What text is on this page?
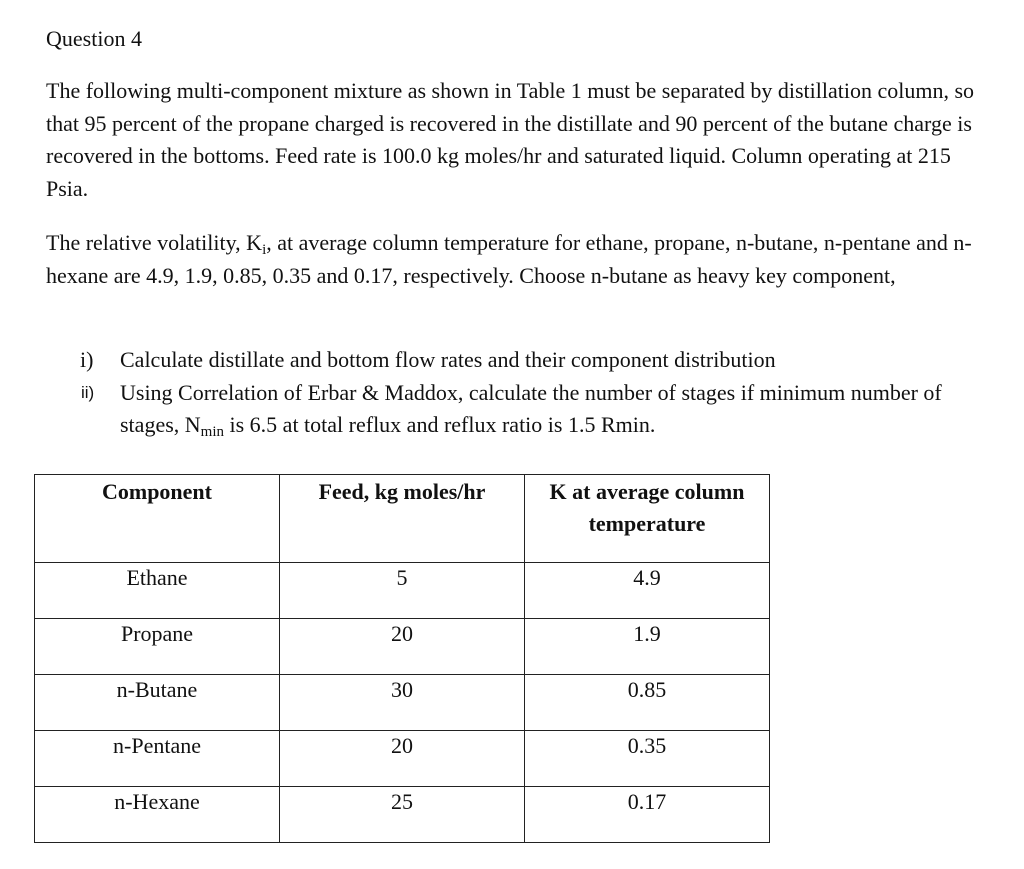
Question 4

The following multi-component mixture as shown in Table 1 must be separated by distillation column, so that 95 percent of the propane charged is recovered in the distillate and 90 percent of the butane charge is recovered in the bottoms. Feed rate is 100.0 kg moles/hr and saturated liquid. Column operating at 215 Psia.

The relative volatility, $K_i$, at average column temperature for ethane, propane, n-butane, n-pentane and n-hexane are 4.9, 1.9, 0.85, 0.35 and 0.17, respectively. Choose n-butane as heavy key component,

i)	Calculate distillate and bottom flow rates and their component distribution
ii)	Using Correlation of Erbar & Maddox, calculate the number of stages if minimum number of stages, $N_{min}$ is 6.5 at total reflux and reflux ratio is 1.5 Rmin.
Component	Feed, kg moles/hr	K at average column temperature
Ethane	5	4.9
Propane	20	1.9
n-Butane	30	0.85
n-Pentane	20	0.35
n-Hexane	25	0.17
